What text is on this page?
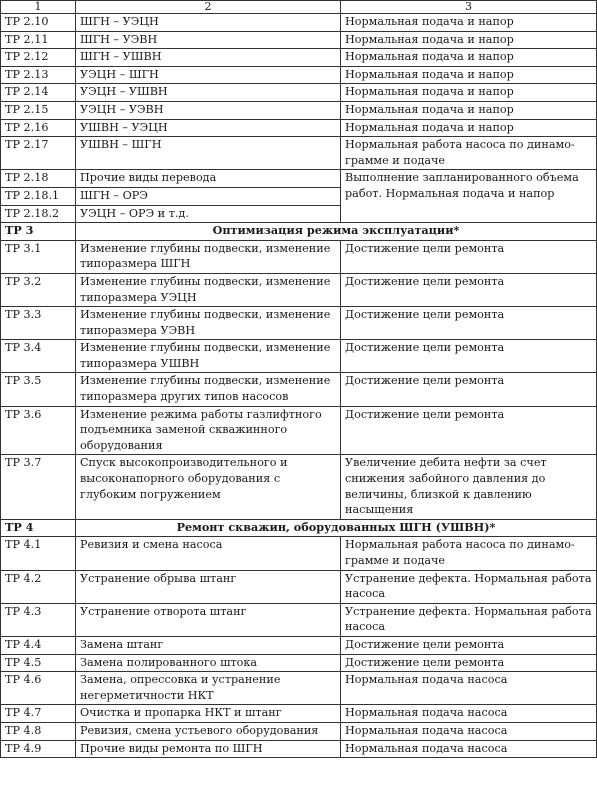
1	2	3
ТР 2.10	ШГН – УЭЦН	Нормальная подача и напор
ТР 2.11	ШГН – УЭВН	Нормальная подача и напор
ТР 2.12	ШГН – УШВН	Нормальная подача и напор
ТР 2.13	УЭЦН – ШГН	Нормальная подача и напор
ТР 2.14	УЭЦН – УШВН	Нормальная подача и напор
ТР 2.15	УЭЦН – УЭВН	Нормальная подача и напор
ТР 2.16	УШВН – УЭЦН	Нормальная подача и напор
ТР 2.17	УШВН – ШГН	Нормальная работа насоса по динамо-грамме и подаче
ТР 2.18	Прочие виды перевода	Выполнение запланированного объема работ. Нормальная подача и напор
ТР 2.18.1	ШГН – ОРЭ	
ТР 2.18.2	УЭЦН – ОРЭ и т.д.	
ТР 3	Оптимизация режима эксплуатации*	
ТР 3.1	Изменение глубины подвески, изменение типоразмера ШГН	Достижение цели ремонта
ТР 3.2	Изменение глубины подвески, изменение типоразмера УЭЦН	Достижение цели ремонта
ТР 3.3	Изменение глубины подвески, изменение типоразмера УЭВН	Достижение цели ремонта
ТР 3.4	Изменение глубины подвески, изменение типоразмера УШВН	Достижение цели ремонта
ТР 3.5	Изменение глубины подвески, изменение типоразмера других типов насосов	Достижение цели ремонта
ТР 3.6	Изменение режима работы газлифтного подъемника заменой скважинного оборудования	Достижение цели ремонта
ТР 3.7	Спуск высокопроизводительного и высоконапорного оборудования с глубоким погружением	Увеличение дебита нефти за счет снижения забойного давления до величины, близкой к давлению насыщения
ТР 4	Ремонт скважин, оборудованных ШГН (УШВН)*	
ТР 4.1	Ревизия и смена насоса	Нормальная работа насоса по динамо-грамме и подаче
ТР 4.2	Устранение обрыва штанг	Устранение дефекта. Нормальная работа насоса
ТР 4.3	Устранение отворота штанг	Устранение дефекта. Нормальная работа насоса
ТР 4.4	Замена штанг	Достижение цели ремонта
ТР 4.5	Замена полированного штока	Достижение цели ремонта
ТР 4.6	Замена, опрессовка и устранение негерметичности НКТ	Нормальная подача насоса
ТР 4.7	Очистка и пропарка НКТ и штанг	Нормальная подача насоса
ТР 4.8	Ревизия, смена устьевого оборудования	Нормальная подача насоса
ТР 4.9	Прочие виды ремонта по ШГН	Нормальная подача насоса
